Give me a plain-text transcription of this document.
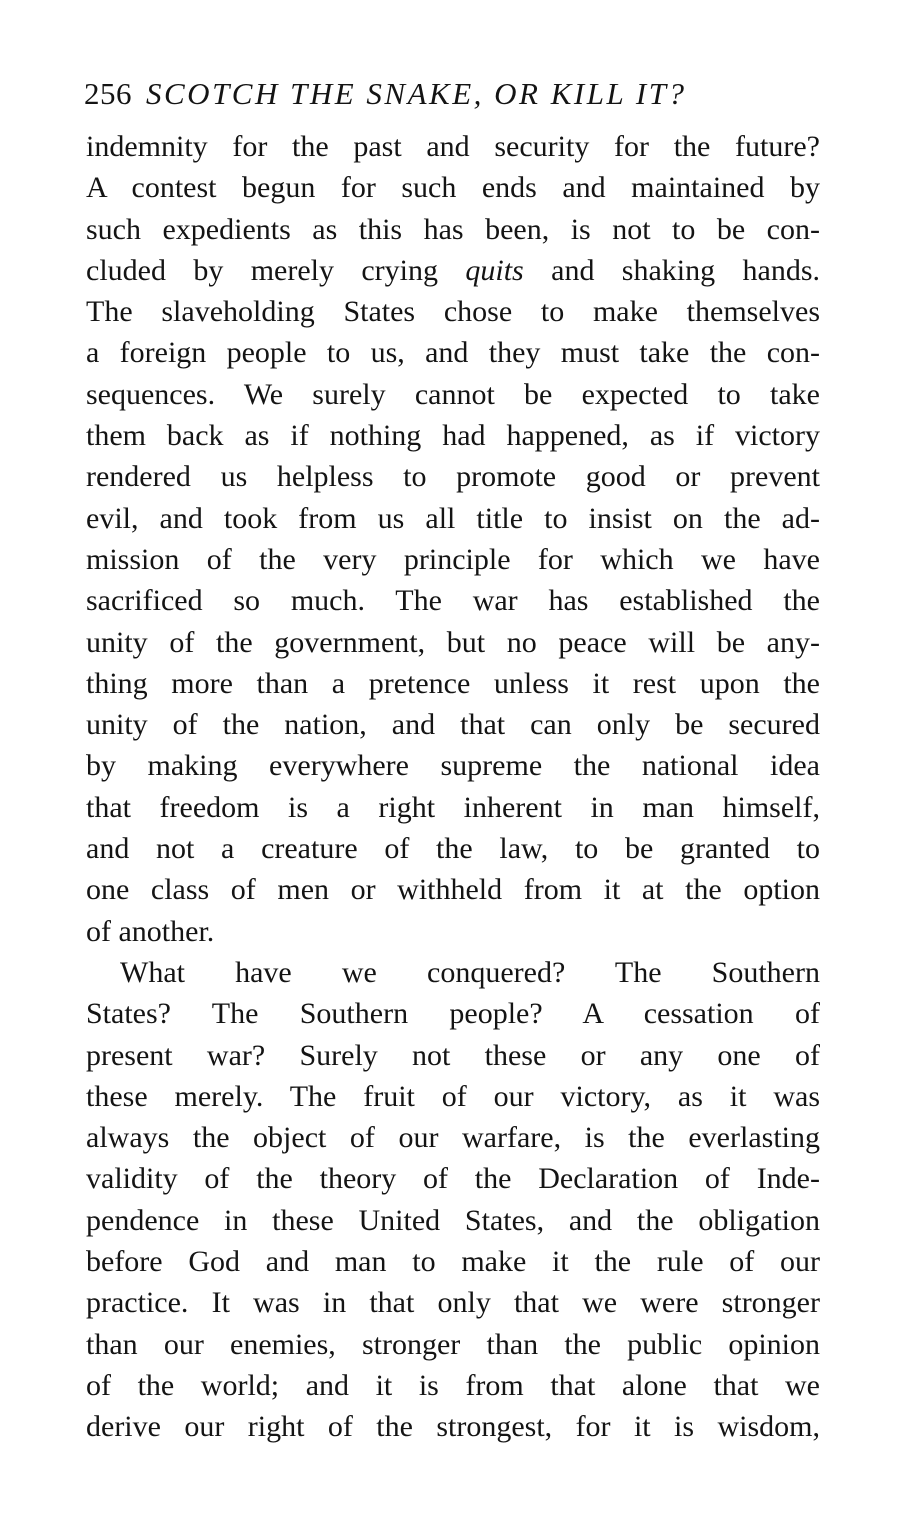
256 SCOTCH THE SNAKE, OR KILL IT?
indemnity for the past and security for the future?
A contest begun for such ends and maintained by
such expedients as this has been, is not to be con-
cluded by merely crying quits and shaking hands.
The slaveholding States chose to make themselves
a foreign people to us, and they must take the con-
sequences. We surely cannot be expected to take
them back as if nothing had happened, as if victory
rendered us helpless to promote good or prevent
evil, and took from us all title to insist on the ad-
mission of the very principle for which we have
sacrificed so much. The war has established the
unity of the government, but no peace will be any-
thing more than a pretence unless it rest upon the
unity of the nation, and that can only be secured
by making everywhere supreme the national idea
that freedom is a right inherent in man himself,
and not a creature of the law, to be granted to
one class of men or withheld from it at the option
of another.
What have we conquered? The Southern
States? The Southern people? A cessation of
present war? Surely not these or any one of
these merely. The fruit of our victory, as it was
always the object of our warfare, is the everlasting
validity of the theory of the Declaration of Inde-
pendence in these United States, and the obligation
before God and man to make it the rule of our
practice. It was in that only that we were stronger
than our enemies, stronger than the public opinion
of the world; and it is from that alone that we
derive our right of the strongest, for it is wisdom,
